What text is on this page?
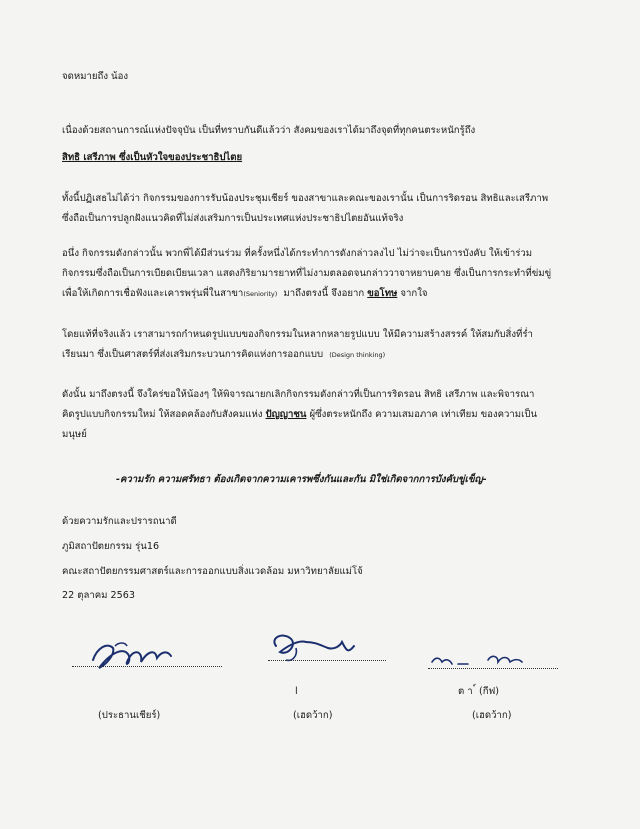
จดหมายถึง น้อง
เนื่องด้วยสถานการณ์แห่งปัจจุบัน เป็นที่ทราบกันดีแล้วว่า สังคมของเราได้มาถึงจุดที่ทุกคนตระหนักรู้ถึง
สิทธิ เสรีภาพ ซึ่งเป็นหัวใจของประชาธิปไตย
ทั้งนี้ปฏิเสธไม่ได้ว่า กิจกรรมของการรับน้องประชุมเชียร์ ของสาขาและคณะของเรานั้น เป็นการริดรอน สิทธิและเสรีภาพ
ซึ่งถือเป็นการปลูกฝังแนวคิดที่ไม่ส่งเสริมการเป็นประเทศแห่งประชาธิปไตยอันแท้จริง
อนึ่ง กิจกรรมดังกล่าวนั้น พวกพี่ได้มีส่วนร่วม ที่ครั้งหนึ่งได้กระทำการดังกล่าวลงไป ไม่ว่าจะเป็นการบังคับ ให้เข้าร่วม
กิจกรรมซึ่งถือเป็นการเบียดเบียนเวลา แสดงกิริยามารยาทที่ไม่งามตลอดจนกล่าววาจาหยาบคาย ซึ่งเป็นการกระทำที่ข่มขู่
เพื่อให้เกิดการเชื่อฟังและเคารพรุ่นพี่ในสาขา(Seniority) มาถึงตรงนี้ จึงอยาก ขอโทษ จากใจ
โดยแท้ที่จริงแล้ว เราสามารถกำหนดรูปแบบของกิจกรรมในหลากหลายรูปแบบ ให้มีความสร้างสรรค์ ให้สมกับสิ่งที่ร่ำ
เรียนมา ซึ่งเป็นศาสตร์ที่ส่งเสริมกระบวนการคิดแห่งการออกแบบ (Design thinking)
ดังนั้น มาถึงตรงนี้ จึงใคร่ขอให้น้องๆ ให้พิจารณายกเลิกกิจกรรมดังกล่าวที่เป็นการริดรอน สิทธิ เสรีภาพ และพิจารณา
คิดรูปแบบกิจกรรมใหม่ ให้สอดคล้องกับสังคมแห่ง ปัญญาชน ผู้ซึ่งตระหนักถึง ความเสมอภาค เท่าเทียม ของความเป็น
มนุษย์
-ความรัก ความศรัทธา ต้องเกิดจากความเคารพซึ่งกันและกัน มิใช่เกิดจากการบังคับขู่เข็ญ-
ด้วยความรักและปรารถนาดี
ภูมิสถาปัตยกรรม รุ่น16
คณะสถาปัตยกรรมศาสตร์และการออกแบบสิ่งแวดล้อม มหาวิทยาลัยแม่โจ้
22 ตุลาคม 2563
(ประธานเชียร์)
l
(เฮดว้าก)
ต า ์ (กีฟ)
(เฮดว้าก)
